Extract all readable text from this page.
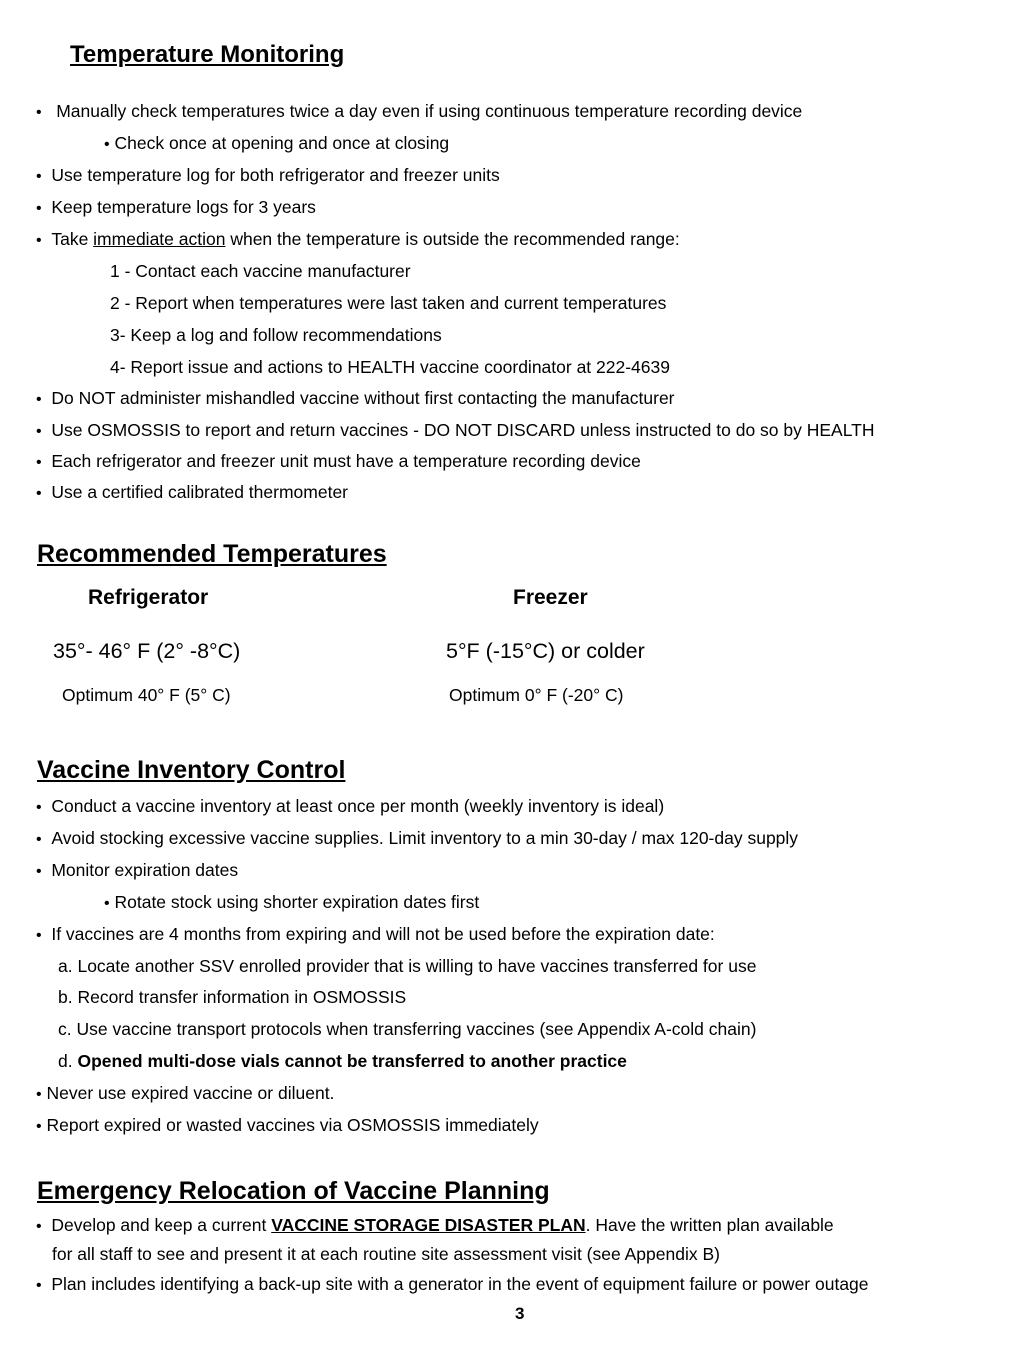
Temperature Monitoring
• Manually check temperatures twice a day even if using continuous temperature recording device
• Check once at opening and once at closing
• Use temperature log for both refrigerator and freezer units
• Keep temperature logs for 3 years
• Take immediate action when the temperature is outside the recommended range:
1 - Contact each vaccine manufacturer
2 - Report when temperatures were last taken and current temperatures
3- Keep a log and follow recommendations
4- Report issue and actions to HEALTH vaccine coordinator at 222-4639
• Do NOT administer mishandled vaccine without first contacting the manufacturer
• Use OSMOSSIS to report and return vaccines - DO NOT DISCARD unless instructed to do so by HEALTH
• Each refrigerator and freezer unit must have a temperature recording device
• Use a certified calibrated thermometer
Recommended Temperatures
Refrigerator	Freezer
35°- 46° F (2° -8°C)	5°F (-15°C) or colder
Optimum 40° F (5° C)	Optimum 0° F (-20° C)
Vaccine Inventory Control
• Conduct a vaccine inventory at least once per month (weekly inventory is ideal)
• Avoid stocking excessive vaccine supplies. Limit inventory to a min 30-day / max 120-day supply
• Monitor expiration dates
• Rotate stock using shorter expiration dates first
• If vaccines are 4 months from expiring and will not be used before the expiration date:
a. Locate another SSV enrolled provider that is willing to have vaccines transferred for use
b. Record transfer information in OSMOSSIS
c. Use vaccine transport protocols when transferring vaccines (see Appendix A-cold chain)
d. Opened multi-dose vials cannot be transferred to another practice
• Never use expired vaccine or diluent.
• Report expired or wasted vaccines via OSMOSSIS immediately
Emergency Relocation of Vaccine Planning
• Develop and keep a current VACCINE STORAGE DISASTER PLAN. Have the written plan available
for all staff to see and present it at each routine site assessment visit (see Appendix B)
• Plan includes identifying a back-up site with a generator in the event of equipment failure or power outage
3
